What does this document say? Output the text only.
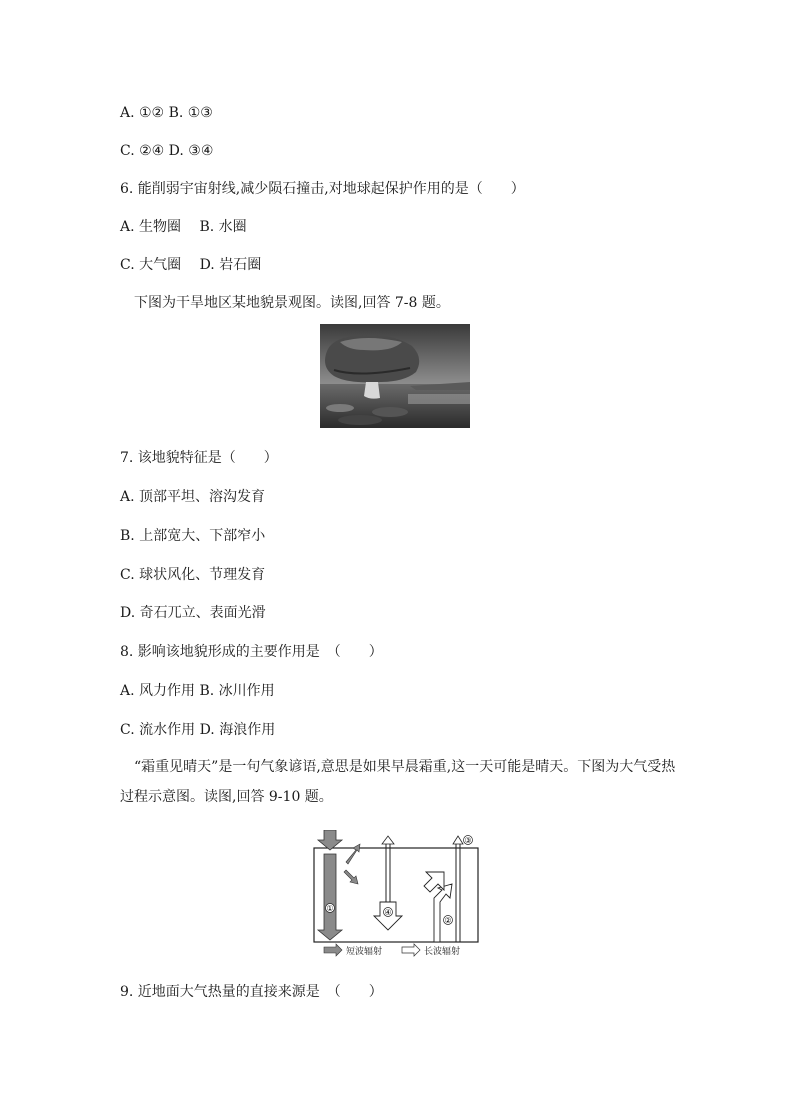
A. ①② B. ①③
C. ②④ D. ③④
6. 能削弱宇宙射线,减少陨石撞击,对地球起保护作用的是（　　）
A. 生物圈　 B. 水圈
C. 大气圈　 D. 岩石圈
下图为干旱地区某地貌景观图。读图,回答 7-8 题。
7. 该地貌特征是（　　）
A. 顶部平坦、溶沟发育
B. 上部宽大、下部窄小
C. 球状风化、节理发育
D. 奇石兀立、表面光滑
8. 影响该地貌形成的主要作用是　（　　）
A. 风力作用 B. 冰川作用
C. 流水作用 D. 海浪作用
“霜重见晴天”是一句气象谚语,意思是如果早晨霜重,这一天可能是晴天。下图为大气受热过程示意图。读图,回答 9-10 题。
①	④
③
②
短波辐射	长波辐射
9. 近地面大气热量的直接来源是　（　　）
